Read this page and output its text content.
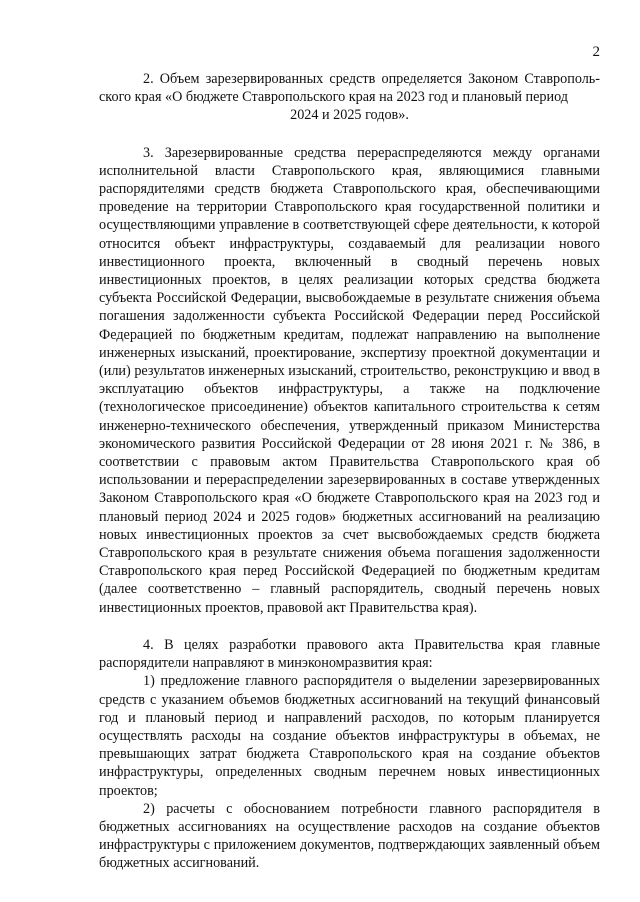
2

2. Объем зарезервированных средств определяется Законом Ставрополь-ского края «О бюджете Ставропольского края на 2023 год и плановый период

2024 и 2025 годов».

3. Зарезервированные средства перераспределяются между органами исполнительной власти Ставропольского края, являющимися главными распорядителями средств бюджета Ставропольского края, обеспечивающими проведение на территории Ставропольского края государственной политики и осуществляющими управление в соответствующей сфере деятельности, к которой относится объект инфраструктуры, создаваемый для реализации нового инвестиционного проекта, включенный в сводный перечень новых инвестиционных проектов, в целях реализации которых средства бюджета субъекта Российской Федерации, высвобождаемые в результате снижения объема погашения задолженности субъекта Российской Федерации перед Российской Федерацией по бюджетным кредитам, подлежат направлению на выполнение инженерных изысканий, проектирование, экспертизу проектной документации и (или) результатов инженерных изысканий, строительство, реконструкцию и ввод в эксплуатацию объектов инфраструктуры, а также на подключение (технологическое присоединение) объектов капитального строительства к сетям инженерно-технического обеспечения, утвержденный приказом Министерства экономического развития Российской Федерации от 28 июня 2021 г. № 386, в соответствии с правовым актом Правительства Ставропольского края об использовании и перераспределении зарезервированных в составе утвержденных Законом Ставропольского края «О бюджете Ставропольского края на 2023 год и плановый период 2024 и 2025 годов» бюджетных ассигнований на реализацию новых инвестиционных проектов за счет высвобождаемых средств бюджета Ставропольского края в результате снижения объема погашения задолженности Ставропольского края перед Российской Федерацией по бюджетным кредитам (далее соответственно – главный распорядитель, сводный перечень новых инвестиционных проектов, правовой акт Правительства края).

4. В целях разработки правового акта Правительства края главные распорядители направляют в минэкономразвития края:

1) предложение главного распорядителя о выделении зарезервированных средств с указанием объемов бюджетных ассигнований на текущий финансовый год и плановый период и направлений расходов, по которым планируется осуществлять расходы на создание объектов инфраструктуры в объемах, не превышающих затрат бюджета Ставропольского края на создание объектов инфраструктуры, определенных сводным перечнем новых инвестиционных проектов;

2) расчеты с обоснованием потребности главного распорядителя в бюджетных ассигнованиях на осуществление расходов на создание объектов инфраструктуры с приложением документов, подтверждающих заявленный объем бюджетных ассигнований.
